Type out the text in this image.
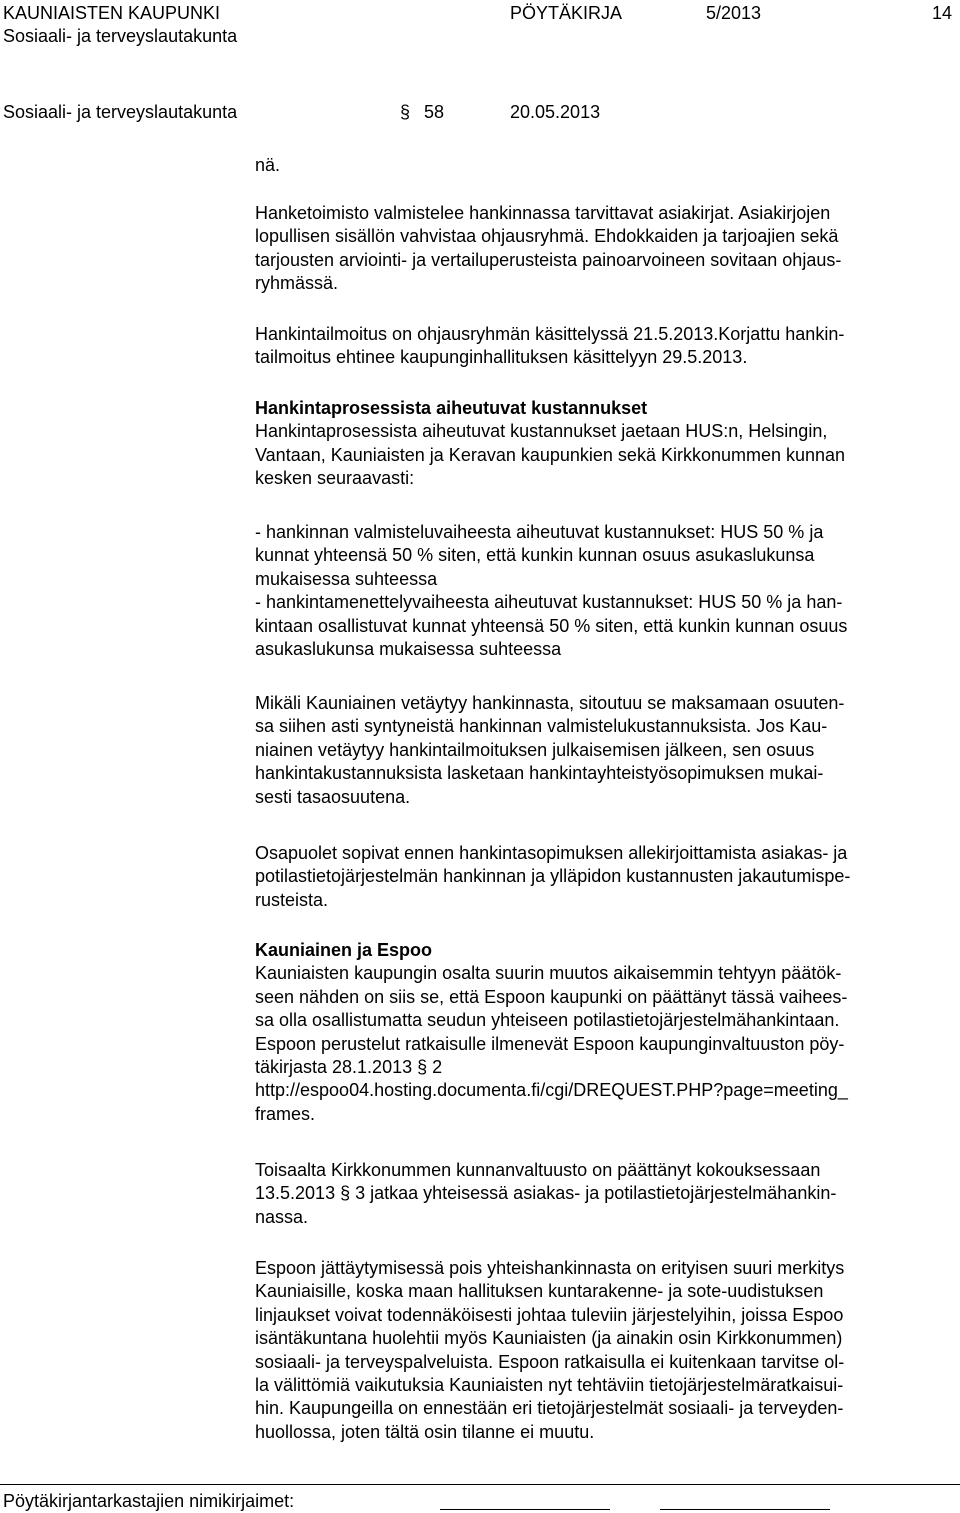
KAUNIAISTEN KAUPUNKI	PÖYTÄKIRJA	5/2013	14
Sosiaali- ja terveyslautakunta
Sosiaali- ja terveyslautakunta	§ 58	20.05.2013
nä.
Hanketoimisto valmistelee hankinnassa tarvittavat asiakirjat. Asiakirjojen
lopullisen sisällön vahvistaa ohjausryhmä. Ehdokkaiden ja tarjoajien sekä
tarjousten arviointi- ja vertailuperusteista painoarvoineen sovitaan ohjaus-
ryhmässä.
Hankintailmoitus on ohjausryhmän käsittelyssä 21.5.2013.Korjattu hankin-
tailmoitus ehtinee kaupunginhallituksen käsittelyyn 29.5.2013.
Hankintaprosessista aiheutuvat kustannukset
Hankintaprosessista aiheutuvat kustannukset jaetaan HUS:n, Helsingin,
Vantaan, Kauniaisten ja Keravan kaupunkien sekä Kirkkonummen kunnan
kesken seuraavasti:
- hankinnan valmisteluvaiheesta aiheutuvat kustannukset: HUS 50 % ja
kunnat yhteensä 50 % siten, että kunkin kunnan osuus asukaslukunsa
mukaisessa suhteessa
- hankintamenettelyvaiheesta aiheutuvat kustannukset: HUS 50 % ja han-
kintaan osallistuvat kunnat yhteensä 50 % siten, että kunkin kunnan osuus
asukaslukunsa mukaisessa suhteessa
Mikäli Kauniainen vetäytyy hankinnasta, sitoutuu se maksamaan osuuten-
sa siihen asti syntyneistä hankinnan valmistelukustannuksista. Jos Kau-
niainen vetäytyy hankintailmoituksen julkaisemisen jälkeen, sen osuus
hankintakustannuksista lasketaan hankintayhteistyösopimuksen mukai-
sesti tasaosuutena.
Osapuolet sopivat ennen hankintasopimuksen allekirjoittamista asiakas- ja
potilastietojärjestelmän hankinnan ja ylläpidon kustannusten jakautumispe-
rusteista.
Kauniainen ja Espoo
Kauniaisten kaupungin osalta suurin muutos aikaisemmin tehtyyn päätök-
seen nähden on siis se, että Espoon kaupunki on päättänyt tässä vaihees-
sa olla osallistumatta seudun yhteiseen potilastietojärjestelmähankintaan.
Espoon perustelut ratkaisulle ilmenevät Espoon kaupunginvaltuuston pöy-
täkirjasta 28.1.2013 § 2
http://espoo04.hosting.documenta.fi/cgi/DREQUEST.PHP?page=meeting_
frames.
Toisaalta Kirkkonummen kunnanvaltuusto on päättänyt kokouksessaan
13.5.2013 § 3 jatkaa yhteisessä asiakas- ja potilastietojärjestelmähankin-
nassa.
Espoon jättäytymisessä pois yhteishankinnasta on erityisen suuri merkitys
Kauniaisille, koska maan hallituksen kuntarakenne- ja sote-uudistuksen
linjaukset voivat todennäköisesti johtaa tuleviin järjestelyihin, joissa Espoo
isäntäkuntana huolehtii myös Kauniaisten (ja ainakin osin Kirkkonummen)
sosiaali- ja terveyspalveluista. Espoon ratkaisulla ei kuitenkaan tarvitse ol-
la välittömiä vaikutuksia Kauniaisten nyt tehtäviin tietojärjestelmäratkaisui-
hin. Kaupungeilla on ennestään eri tietojärjestelmät sosiaali- ja terveyden-
huollossa, joten tältä osin tilanne ei muutu.
Pöytäkirjantarkastajien nimikirjaimet:
